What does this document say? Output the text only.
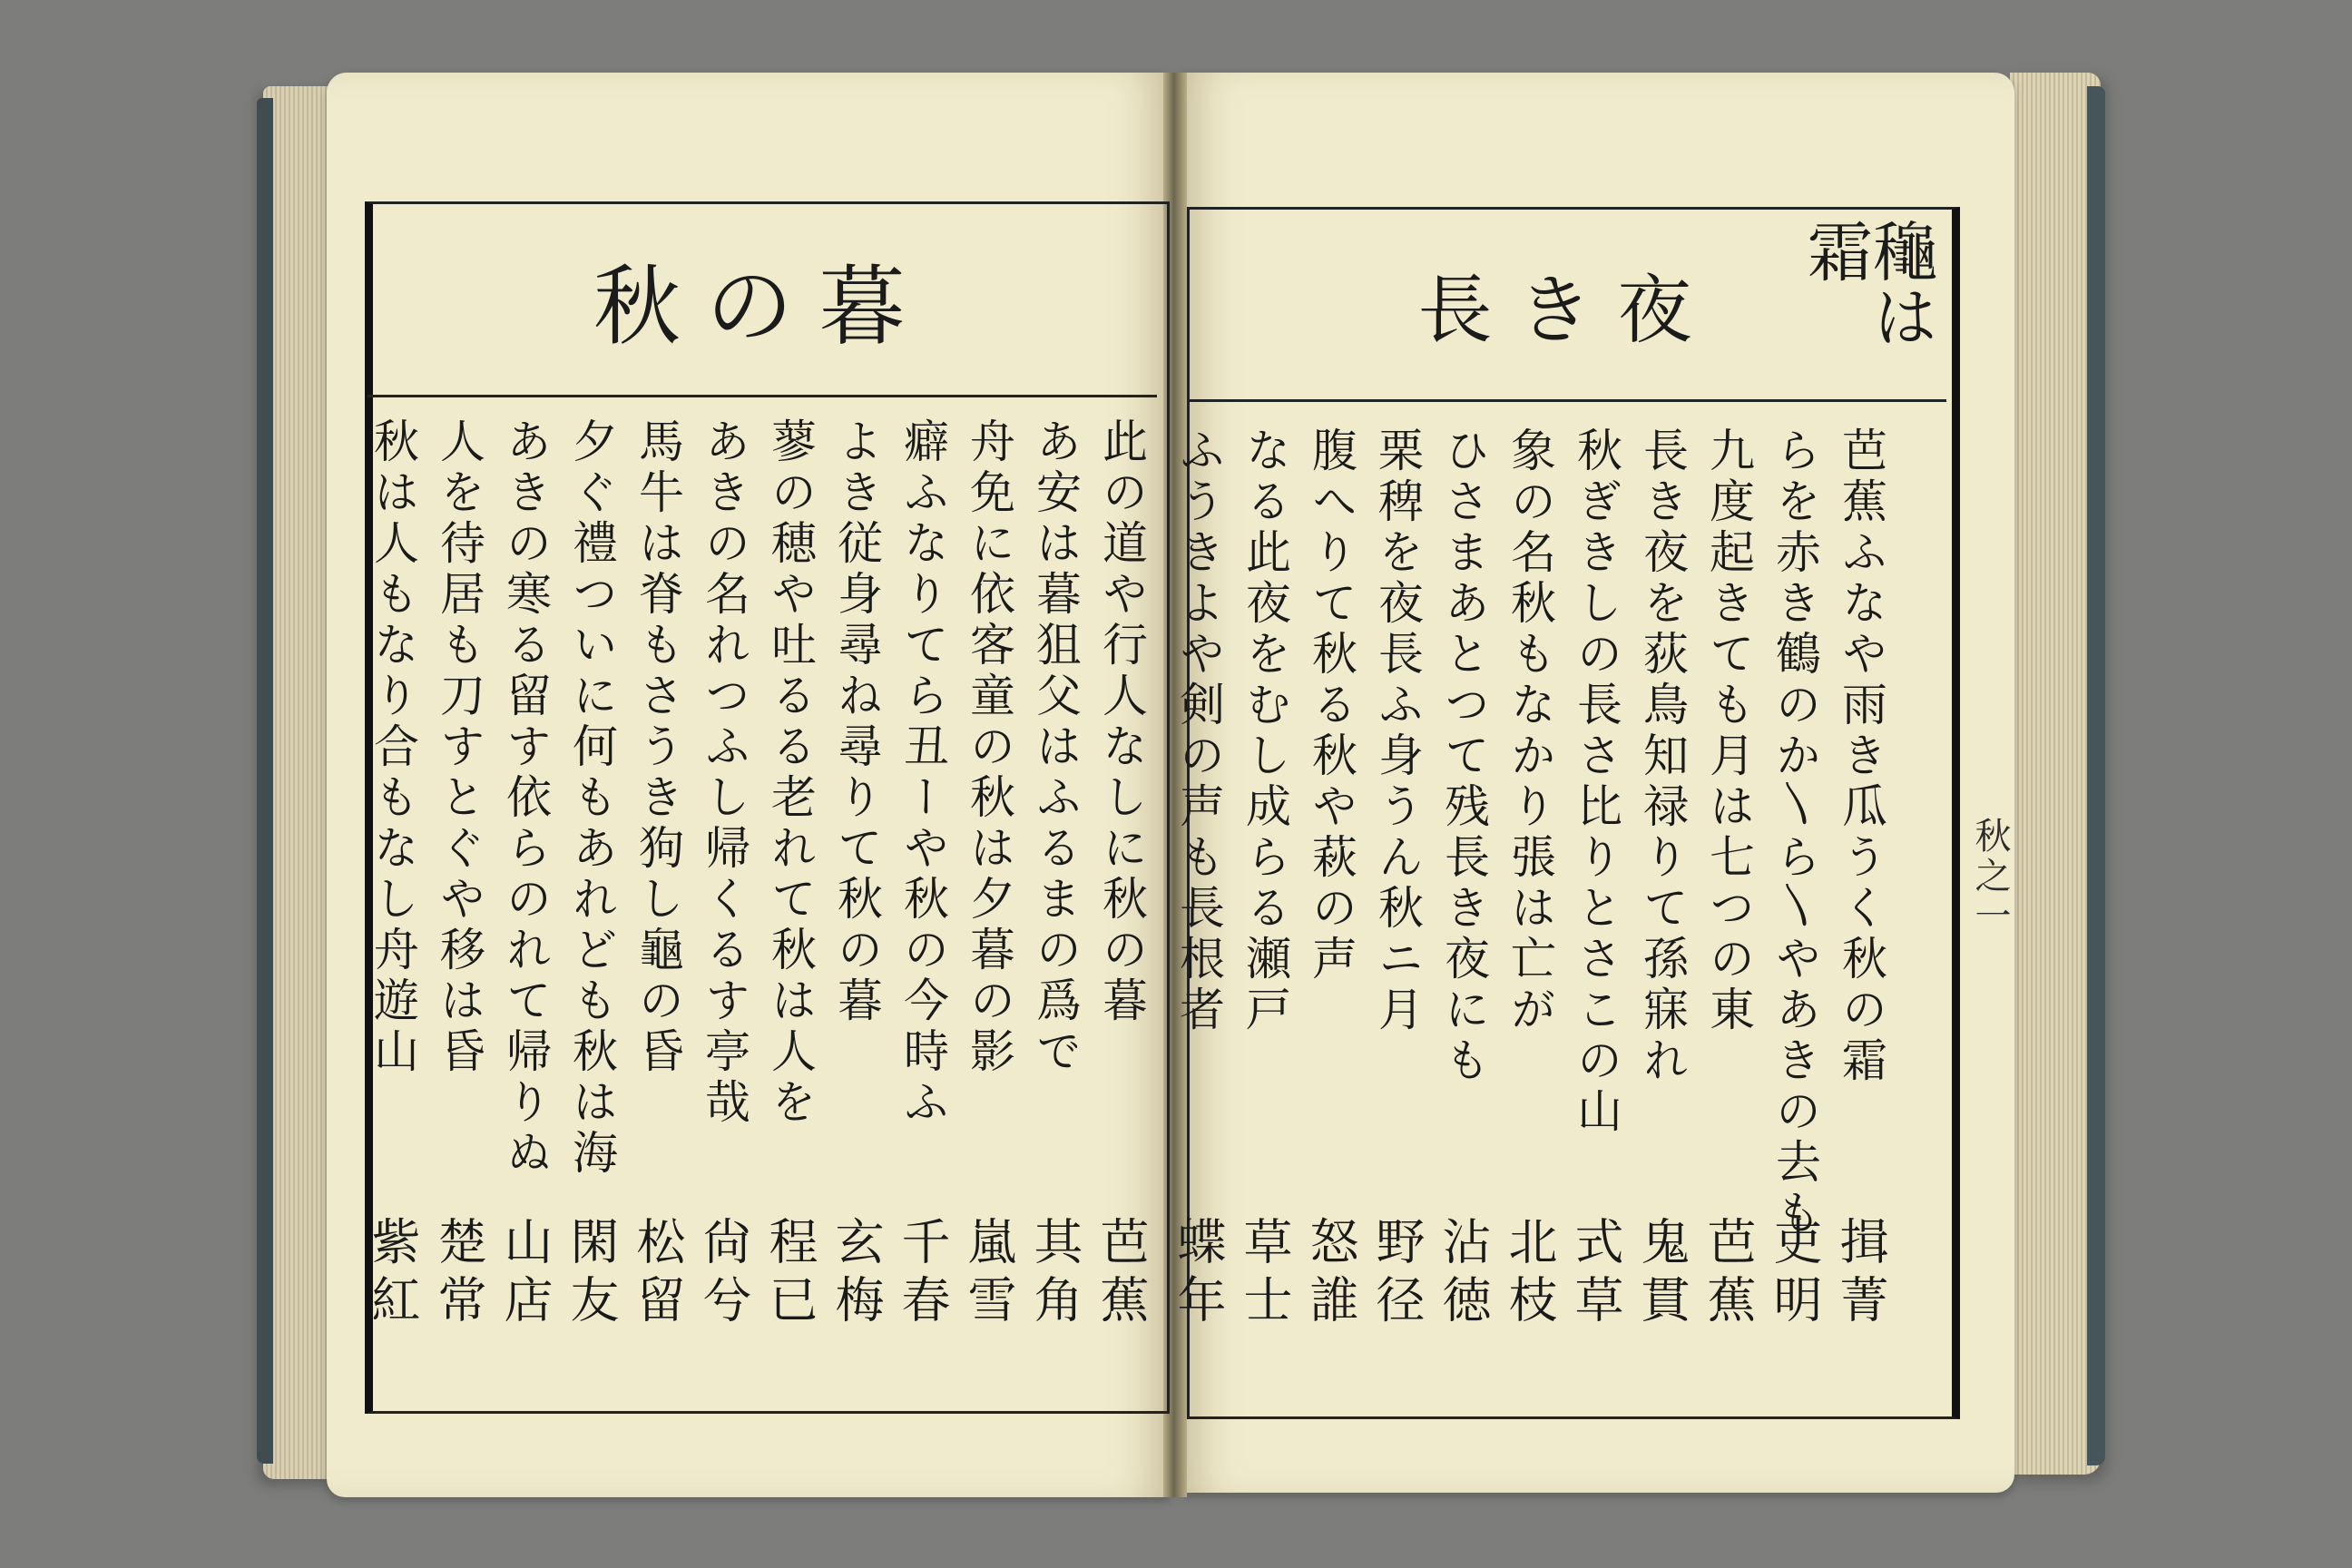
秋の暮	長き夜	龝は霜
此の道や行人なしに秋の暮
あ安は暮狙父はふるまの爲で
舟免に依客童の秋は夕暮の影
癖ふなりてら丑ーや秋の今時ふ
よき従身尋ね尋りて秋の暮
蓼の穂や吐るる老れて秋は人を
あきの名れつふし帰くるす亭哉
馬牛は脊もさうき狗し龜の昏
夕ぐ禮ついに何もあれども秋は海
あきの寒る留す依らのれて帰りぬ
人を待居も刀すとぐや移は昏
秋は人もなり合もなし舟遊山
芭蕉
其角
嵐雪
千春
玄梅
程已
尙兮
松留
閑友
山店
楚常
紫紅
芭蕉ふなや雨き瓜うく秋の霜
らを赤き鶴のか〵ら〵やあきの去も
九度起きても月は七つの東
長き夜を荻鳥知禄りて孫寐れ
秋ぎきしの長さ比りとさこの山
象の名秋もなかり張は亡が
ひさまあとつて残長き夜にも
栗稗を夜長ふ身うん秋ニ月
腹へりて秋る秋や萩の声
なる此夜をむし成らる瀬戸
ふうきよや剣の声も長根者
揖菁
吏明
芭蕉
鬼貫
式草
北枝
沾徳
野径
怒誰
草士
蝶年
秋之一
